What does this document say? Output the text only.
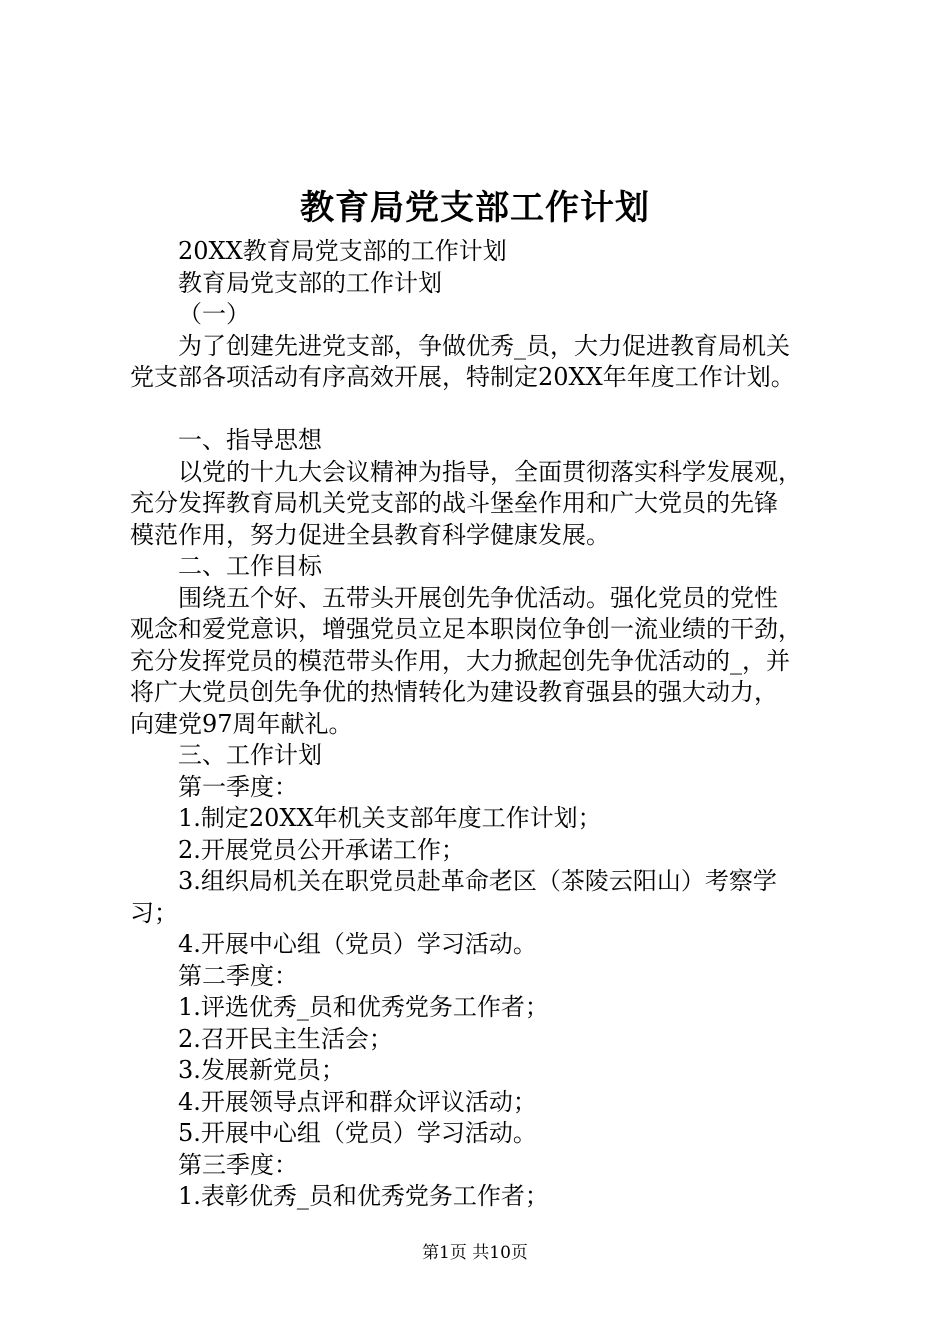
教育局党支部工作计划
20XX教育局党支部的工作计划
教育局党支部的工作计划
（一）
为了创建先进党支部，争做优秀_员，大力促进教育局机关
党支部各项活动有序高效开展，特制定20XX年年度工作计划。
一、指导思想
以党的十九大会议精神为指导，全面贯彻落实科学发展观，
充分发挥教育局机关党支部的战斗堡垒作用和广大党员的先锋
模范作用，努力促进全县教育科学健康发展。
二、工作目标
围绕五个好、五带头开展创先争优活动。强化党员的党性
观念和爱党意识，增强党员立足本职岗位争创一流业绩的干劲，
充分发挥党员的模范带头作用，大力掀起创先争优活动的_，并
将广大党员创先争优的热情转化为建设教育强县的强大动力，
向建党97周年献礼。
三、工作计划
第一季度：
1.制定20XX年机关支部年度工作计划；
2.开展党员公开承诺工作；
3.组织局机关在职党员赴革命老区（茶陵云阳山）考察学
习；
4.开展中心组（党员）学习活动。
第二季度：
1.评选优秀_员和优秀党务工作者；
2.召开民主生活会；
3.发展新党员；
4.开展领导点评和群众评议活动；
5.开展中心组（党员）学习活动。
第三季度：
1.表彰优秀_员和优秀党务工作者；
第1页 共10页
